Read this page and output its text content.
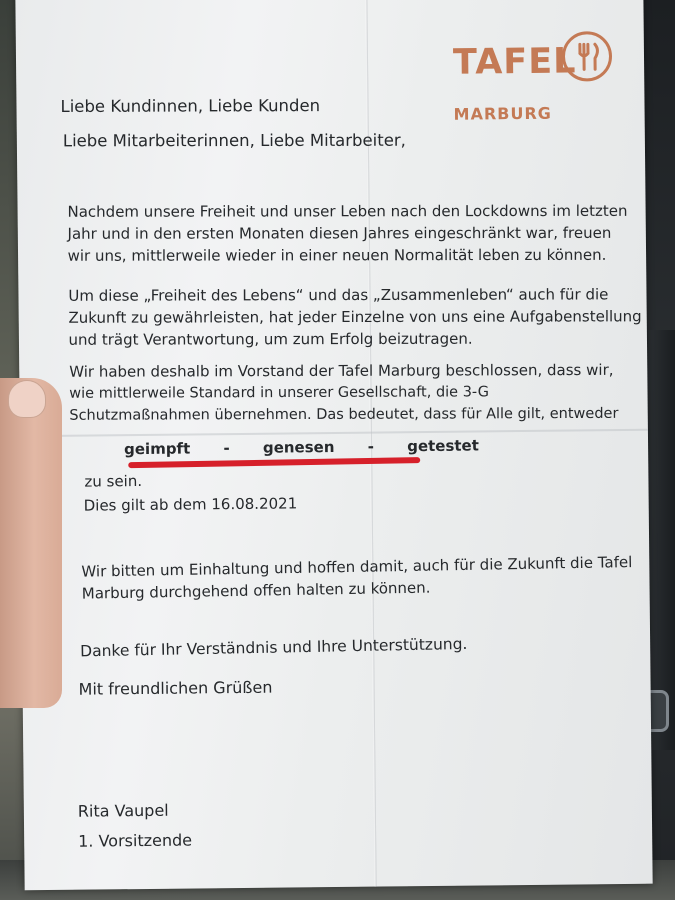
TAFEL
MARBURG
Liebe Kundinnen, Liebe Kunden
Liebe Mitarbeiterinnen, Liebe Mitarbeiter,
Nachdem unsere Freiheit und unser Leben nach den Lockdowns im letzten
Jahr und in den ersten Monaten diesen Jahres eingeschränkt war, freuen
wir uns, mittlerweile wieder in einer neuen Normalität leben zu können.
Um diese „Freiheit des Lebens“ und das „Zusammenleben“ auch für die
Zukunft zu gewährleisten, hat jeder Einzelne von uns eine Aufgabenstellung
und trägt Verantwortung, um zum Erfolg beizutragen.
Wir haben deshalb im Vorstand der Tafel Marburg beschlossen, dass wir,
wie mittlerweile Standard in unserer Gesellschaft, die 3-G
Schutzmaßnahmen übernehmen. Das bedeutet, dass für Alle gilt, entweder
geimpft - genesen - getestet
zu sein.
Dies gilt ab dem 16.08.2021
Wir bitten um Einhaltung und hoffen damit, auch für die Zukunft die Tafel
Marburg durchgehend offen halten zu können.
Danke für Ihr Verständnis und Ihre Unterstützung.
Mit freundlichen Grüßen
Rita Vaupel
1. Vorsitzende
